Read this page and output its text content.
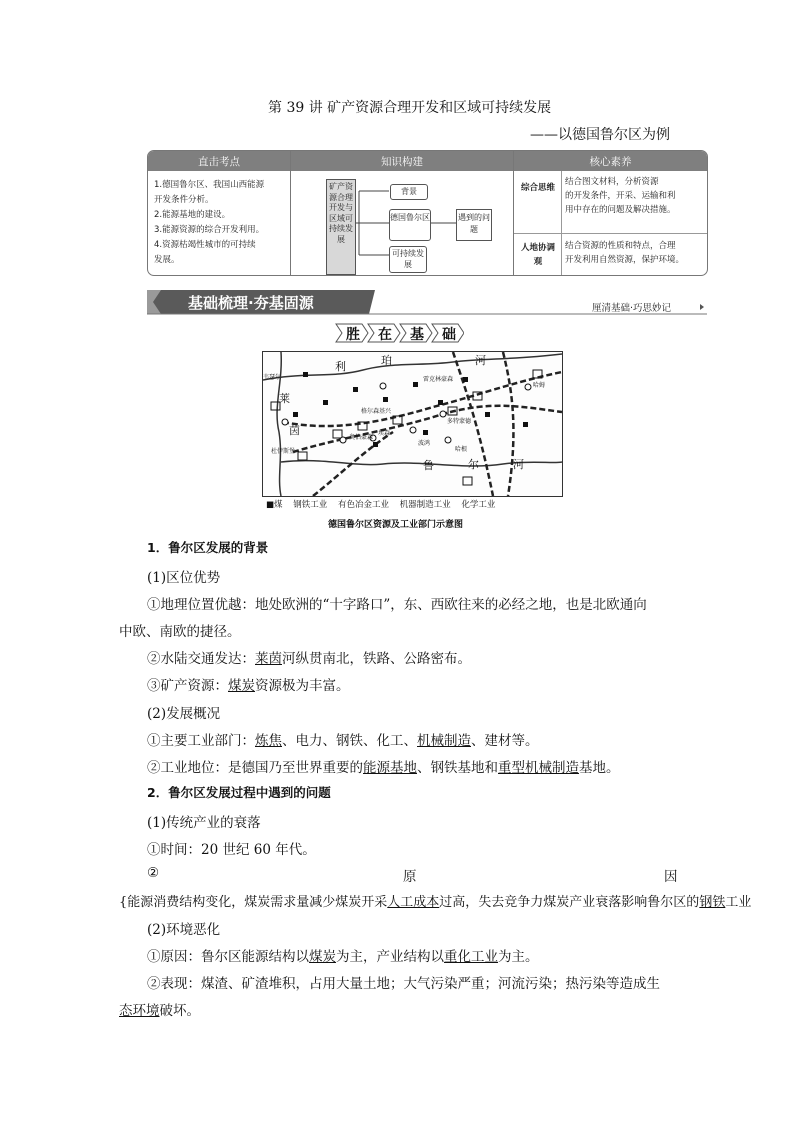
第 39 讲 矿产资源合理开发和区域可持续发展
——以德国鲁尔区为例
直击考点	知识构建	核心素养
1.德国鲁尔区、我国山西能源
开发条件分析。
2.能源基地的建设。
3.能源资源的综合开发利用。
4.资源枯竭性城市的可持续
发展。
矿产资源合理开发与区域可持续发展
背景
德国鲁尔区	遇到的问题
可持续发展
综合思维
结合图文材料，分析资源
的开发条件，开采、运输和利
用中存在的问题及解决措施。
人地协调观
结合资源的性质和特点，合理
开发利用自然资源，保护环境。
基础梳理·夯基固源	厘清基础·巧思妙记
胜 在 基 础
利	珀	河
莱
茵
鲁	尔	河
韦瑟尔
杜伊斯堡
奥伯豪森
埃森
波鸿
多特蒙德
哈姆
雷克林豪森
格尔森基兴
哈根
■煤 钢铁工业 有色冶金工业 机器制造工业 化学工业
德国鲁尔区资源及工业部门示意图
1．鲁尔区发展的背景
(1)区位优势
①地理位置优越：地处欧洲的“十字路口”，东、西欧往来的必经之地，也是北欧通向
中欧、南欧的捷径。
②水陆交通发达：莱茵河纵贯南北，铁路、公路密布。
③矿产资源：煤炭资源极为丰富。
(2)发展概况
①主要工业部门：炼焦、电力、钢铁、化工、机械制造、建材等。
②工业地位：是德国乃至世界重要的能源基地、钢铁基地和重型机械制造基地。
2．鲁尔区发展过程中遇到的问题
(1)传统产业的衰落
①时间：20 世纪 60 年代。
②	原	因
{能源消费结构变化，煤炭需求量减少煤炭开采人工成本过高，失去竞争力煤炭产业衰落影响鲁尔区的钢铁工业
(2)环境恶化
①原因：鲁尔区能源结构以煤炭为主，产业结构以重化工业为主。
②表现：煤渣、矿渣堆积，占用大量土地；大气污染严重；河流污染；热污染等造成生
态环境破坏。
